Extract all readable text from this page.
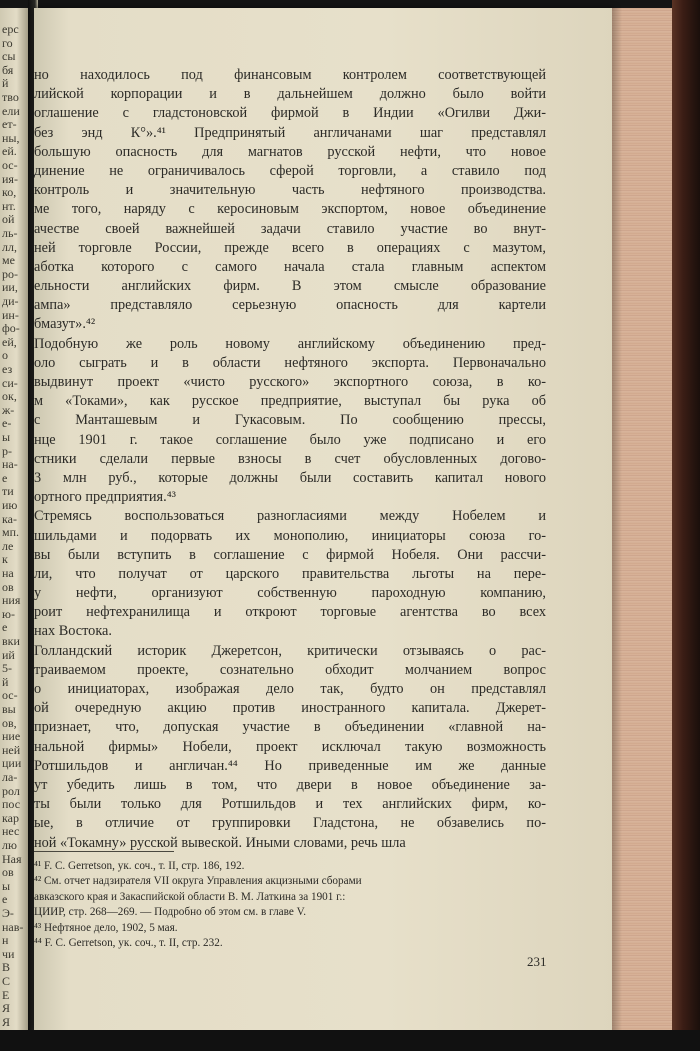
ерс
го
сы
бя
й
тво
ели
ет-
ны,
ей.
ос-
ия-
ко,
нт.
ой
ль-
лл,
ме
ро-
ии,
ди-
ин-
фо-
ей,
о
ез
си-
ок,
ж-
е-
ы
р-
на-
е
ти
ию
ка-
мп.
ле
к
на
ов
ния
ю-
е
вки
ий
5-
й
ос-
вы
ов,
ние
ней
ции
ла-
рол
пос
кар
нес
лю
Ная
ов
ы
е
Э-
нав-
н
чи
В
С
Е
Я
Я
но находилось под финансовым контролем соответствующей
лийской корпорации и в дальнейшем должно было войти
оглашение с гладстоновской фирмой в Индии «Огилви Джи-
без энд К°».⁴¹ Предпринятый англичанами шаг представлял
большую опасность для магнатов русской нефти, что новое
динение не ограничивалось сферой торговли, а ставило под
контроль и значительную часть нефтяного производства.
ме того, наряду с керосиновым экспортом, новое объединение
ачестве своей важнейшей задачи ставило участие во внут-
ней торговле России, прежде всего в операциях с мазутом,
аботка которого с самого начала стала главным аспектом
ельности английских фирм. В этом смысле образование
ампа» представляло серьезную опасность для картели
бмазут».⁴²
Подобную же роль новому английскому объединению пред-
оло сыграть и в области нефтяного экспорта. Первоначально
выдвинут проект «чисто русского» экспортного союза, в ко-
м «Токами», как русское предприятие, выступал бы рука об
с Манташевым и Гукасовым. По сообщению прессы,
нце 1901 г. такое соглашение было уже подписано и его
стники сделали первые взносы в счет обусловленных догово-
3 млн руб., которые должны были составить капитал нового
ортного предприятия.⁴³
Стремясь воспользоваться разногласиями между Нобелем и
шильдами и подорвать их монополию, инициаторы союза го-
вы были вступить в соглашение с фирмой Нобеля. Они рассчи-
ли, что получат от царского правительства льготы на пере-
у нефти, организуют собственную пароходную компанию,
роит нефтехранилища и откроют торговые агентства во всех
нах Востока.
Голландский историк Джеретсон, критически отзываясь о рас-
траиваемом проекте, сознательно обходит молчанием вопрос
о инициаторах, изображая дело так, будто он представлял
ой очередную акцию против иностранного капитала. Джерет-
признает, что, допуская участие в объединении «главной на-
нальной фирмы» Нобели, проект исключал такую возможность
Ротшильдов и англичан.⁴⁴ Но приведенные им же данные
ут убедить лишь в том, что двери в новое объединение за-
ты были только для Ротшильдов и тех английских фирм, ко-
ые, в отличие от группировки Гладстона, не обзавелись по-
ной «Токамну» русской вывеской. Иными словами, речь шла
⁴¹ F. C. Gerretson, ук. соч., т. II, стр. 186, 192.
⁴² См. отчет надзирателя VII округа Управления акцизными сборами
авказского края и Закаспийской области В. М. Латкина за 1901 г.:
ЦИИР, стр. 268—269. — Подробно об этом см. в главе V.
⁴³ Нефтяное дело, 1902, 5 мая.
⁴⁴ F. C. Gerretson, ук. соч., т. II, стр. 232.
231
